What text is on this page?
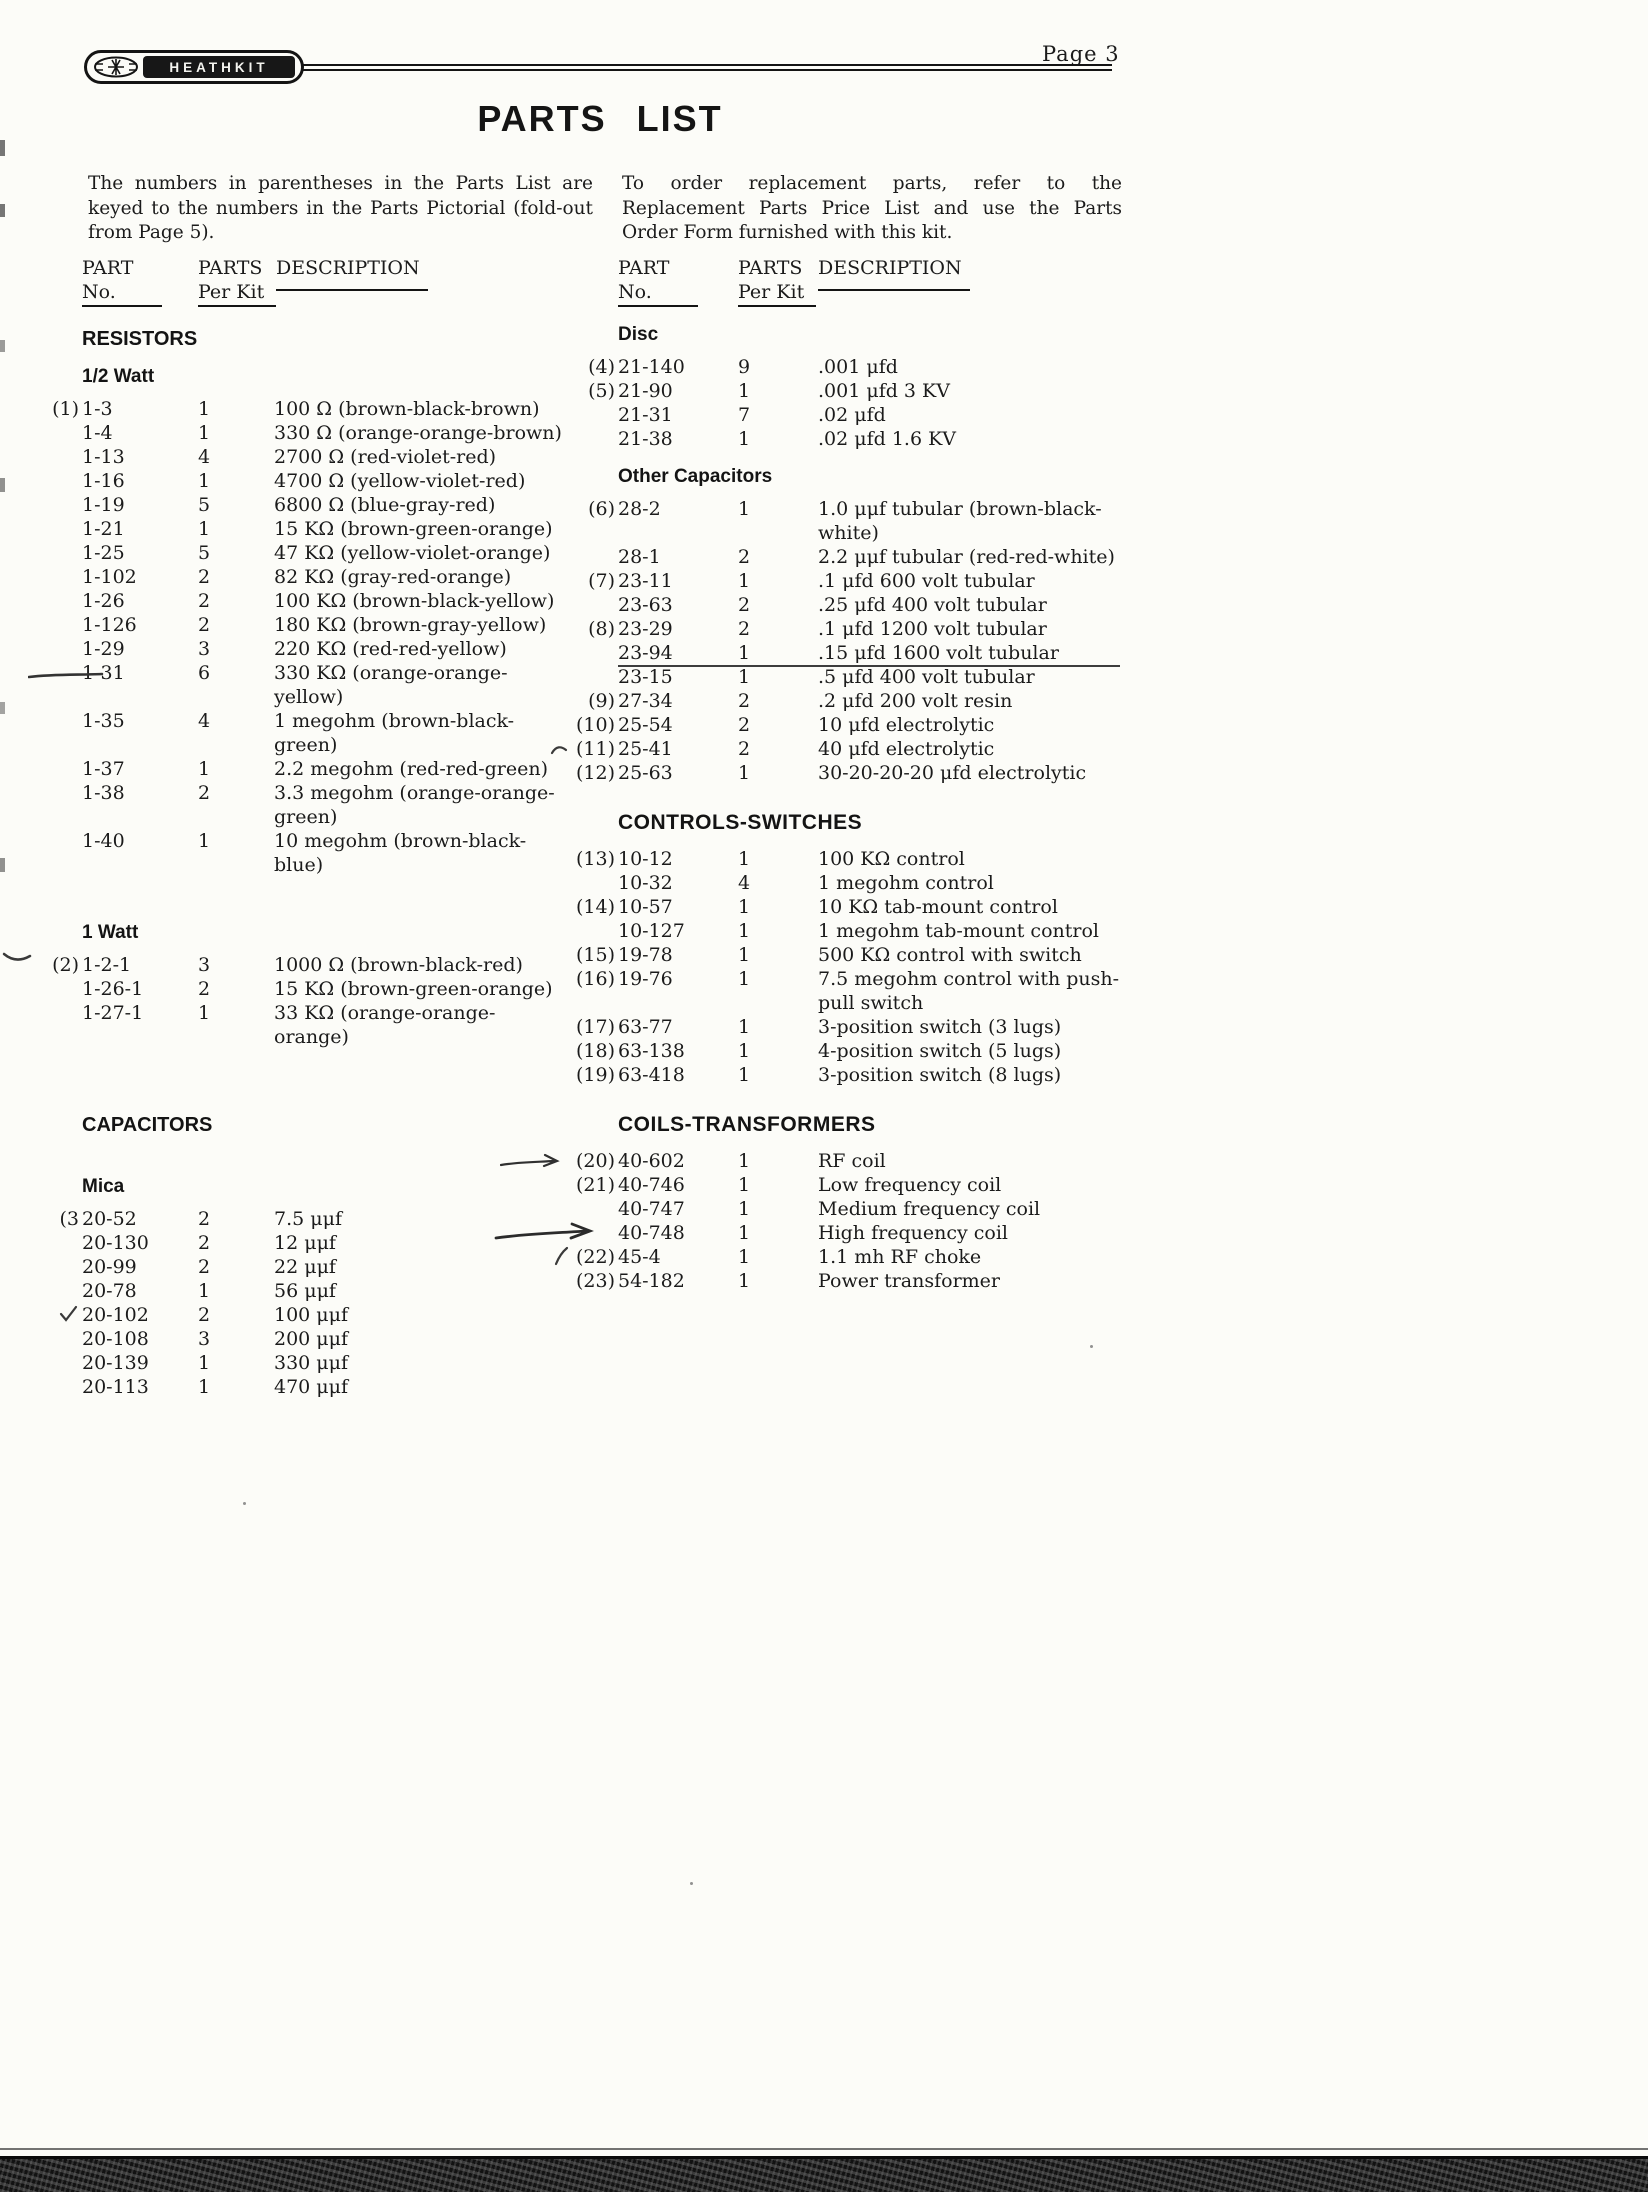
Page 3
HEATHKIT
PARTS LIST

The numbers in parentheses in the Parts List are keyed to the numbers in the Parts Pictorial (fold-out from Page 5).

To order replacement parts, refer to the Replacement Parts Price List and use the Parts Order Form furnished with this kit.

PART
No.
PARTS
Per Kit
DESCRIPTION
RESISTORS
1/2 Watt
(1) 1-3	1	100 Ω (brown-black-brown)
1-4	1	330 Ω (orange-orange-brown)
1-13	4	2700 Ω (red-violet-red)
1-16	1	4700 Ω (yellow-violet-red)
1-19	5	6800 Ω (blue-gray-red)
1-21	1	15 KΩ (brown-green-orange)
1-25	5	47 KΩ (yellow-violet-orange)
1-102	2	82 KΩ (gray-red-orange)
1-26	2	100 KΩ (brown-black-yellow)
1-126	2	180 KΩ (brown-gray-yellow)
1-29	3	220 KΩ (red-red-yellow)
1-31	6	330 KΩ (orange-orange-yellow)
1-35	4	1 megohm (brown-black-green)
1-37	1	2.2 megohm (red-red-green)
1-38	2	3.3 megohm (orange-orange-green)
1-40	1	10 megohm (brown-black-blue)
1 Watt
(2) 1-2-1	3	1000 Ω (brown-black-red)
1-26-1	2	15 KΩ (brown-green-orange)
1-27-1	1	33 KΩ (orange-orange-orange)
CAPACITORS
Mica
(3 20-52	2	7.5 μμf
20-130	2	12 μμf
20-99	2	22 μμf
20-78	1	56 μμf
20-102	2	100 μμf
20-108	3	200 μμf
20-139	1	330 μμf
20-113	1	470 μμf
PART
No.
PARTS
Per Kit
DESCRIPTION
Disc
(4) 21-140	9	.001 μfd
(5) 21-90	1	.001 μfd 3 KV
21-31	7	.02 μfd
21-38	1	.02 μfd 1.6 KV
Other Capacitors
(6) 28-2	1	1.0 μμf tubular (brown-black-white)
28-1	2	2.2 μμf tubular (red-red-white)
(7) 23-11	1	.1 μfd 600 volt tubular
23-63	2	.25 μfd 400 volt tubular
(8) 23-29	2	.1 μfd 1200 volt tubular
23-94	1	.15 μfd 1600 volt tubular
23-15	1	.5 μfd 400 volt tubular
(9) 27-34	2	.2 μfd 200 volt resin
(10) 25-54	2	10 μfd electrolytic
(11) 25-41	2	40 μfd electrolytic
(12) 25-63	1	30-20-20-20 μfd electrolytic
CONTROLS-SWITCHES
(13) 10-12	1	100 KΩ control
10-32	4	1 megohm control
(14) 10-57	1	10 KΩ tab-mount control
10-127	1	1 megohm tab-mount control
(15) 19-78	1	500 KΩ control with switch
(16) 19-76	1	7.5 megohm control with push-pull switch
(17) 63-77	1	3-position switch (3 lugs)
(18) 63-138	1	4-position switch (5 lugs)
(19) 63-418	1	3-position switch (8 lugs)
COILS-TRANSFORMERS
(20) 40-602	1	RF coil
(21) 40-746	1	Low frequency coil
40-747	1	Medium frequency coil
40-748	1	High frequency coil
(22) 45-4	1	1.1 mh RF choke
(23) 54-182	1	Power transformer
